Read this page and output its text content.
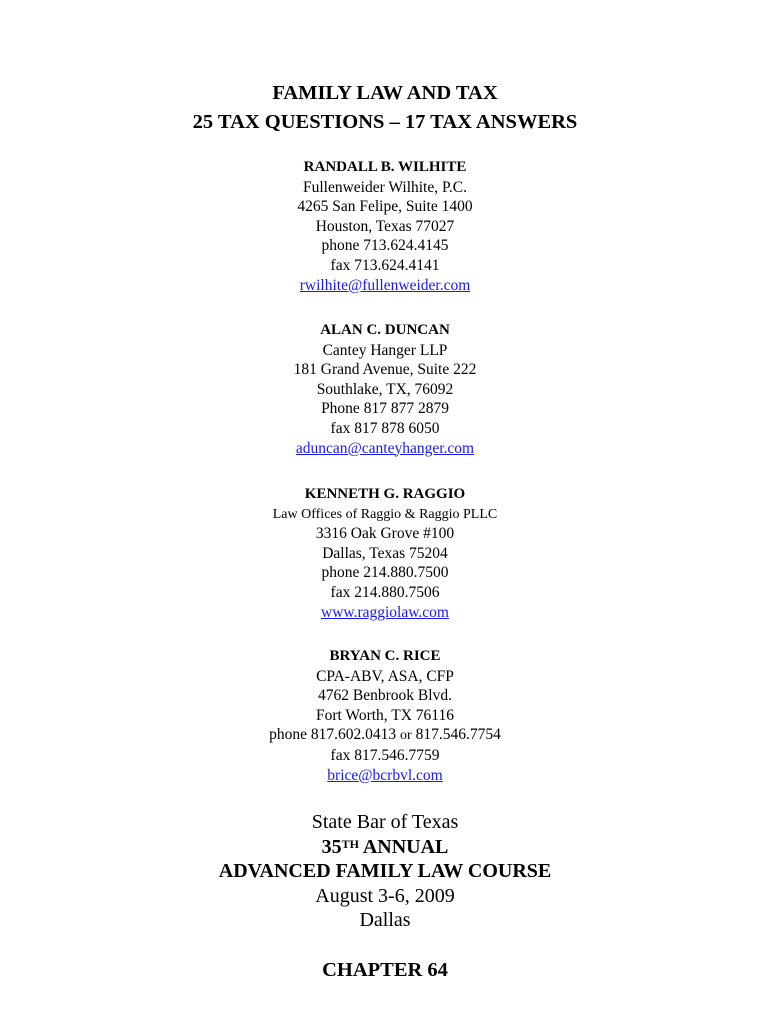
FAMILY LAW AND TAX
25 TAX QUESTIONS – 17 TAX ANSWERS
RANDALL B. WILHITE
Fullenweider Wilhite, P.C.
4265 San Felipe, Suite 1400
Houston, Texas 77027
phone 713.624.4145
fax 713.624.4141
rwilhite@fullenweider.com
ALAN C. DUNCAN
Cantey Hanger LLP
181 Grand Avenue, Suite 222
Southlake, TX, 76092
Phone 817 877 2879
fax 817 878 6050
aduncan@canteyhanger.com
KENNETH G. RAGGIO
Law Offices of Raggio & Raggio PLLC
3316 Oak Grove #100
Dallas, Texas 75204
phone 214.880.7500
fax 214.880.7506
www.raggiolaw.com
BRYAN C. RICE
CPA-ABV, ASA, CFP
4762 Benbrook Blvd.
Fort Worth, TX 76116
phone 817.602.0413 or 817.546.7754
fax 817.546.7759
brice@bcrbvl.com
State Bar of Texas
35TH ANNUAL
ADVANCED FAMILY LAW COURSE
August 3-6, 2009
Dallas
CHAPTER 64
